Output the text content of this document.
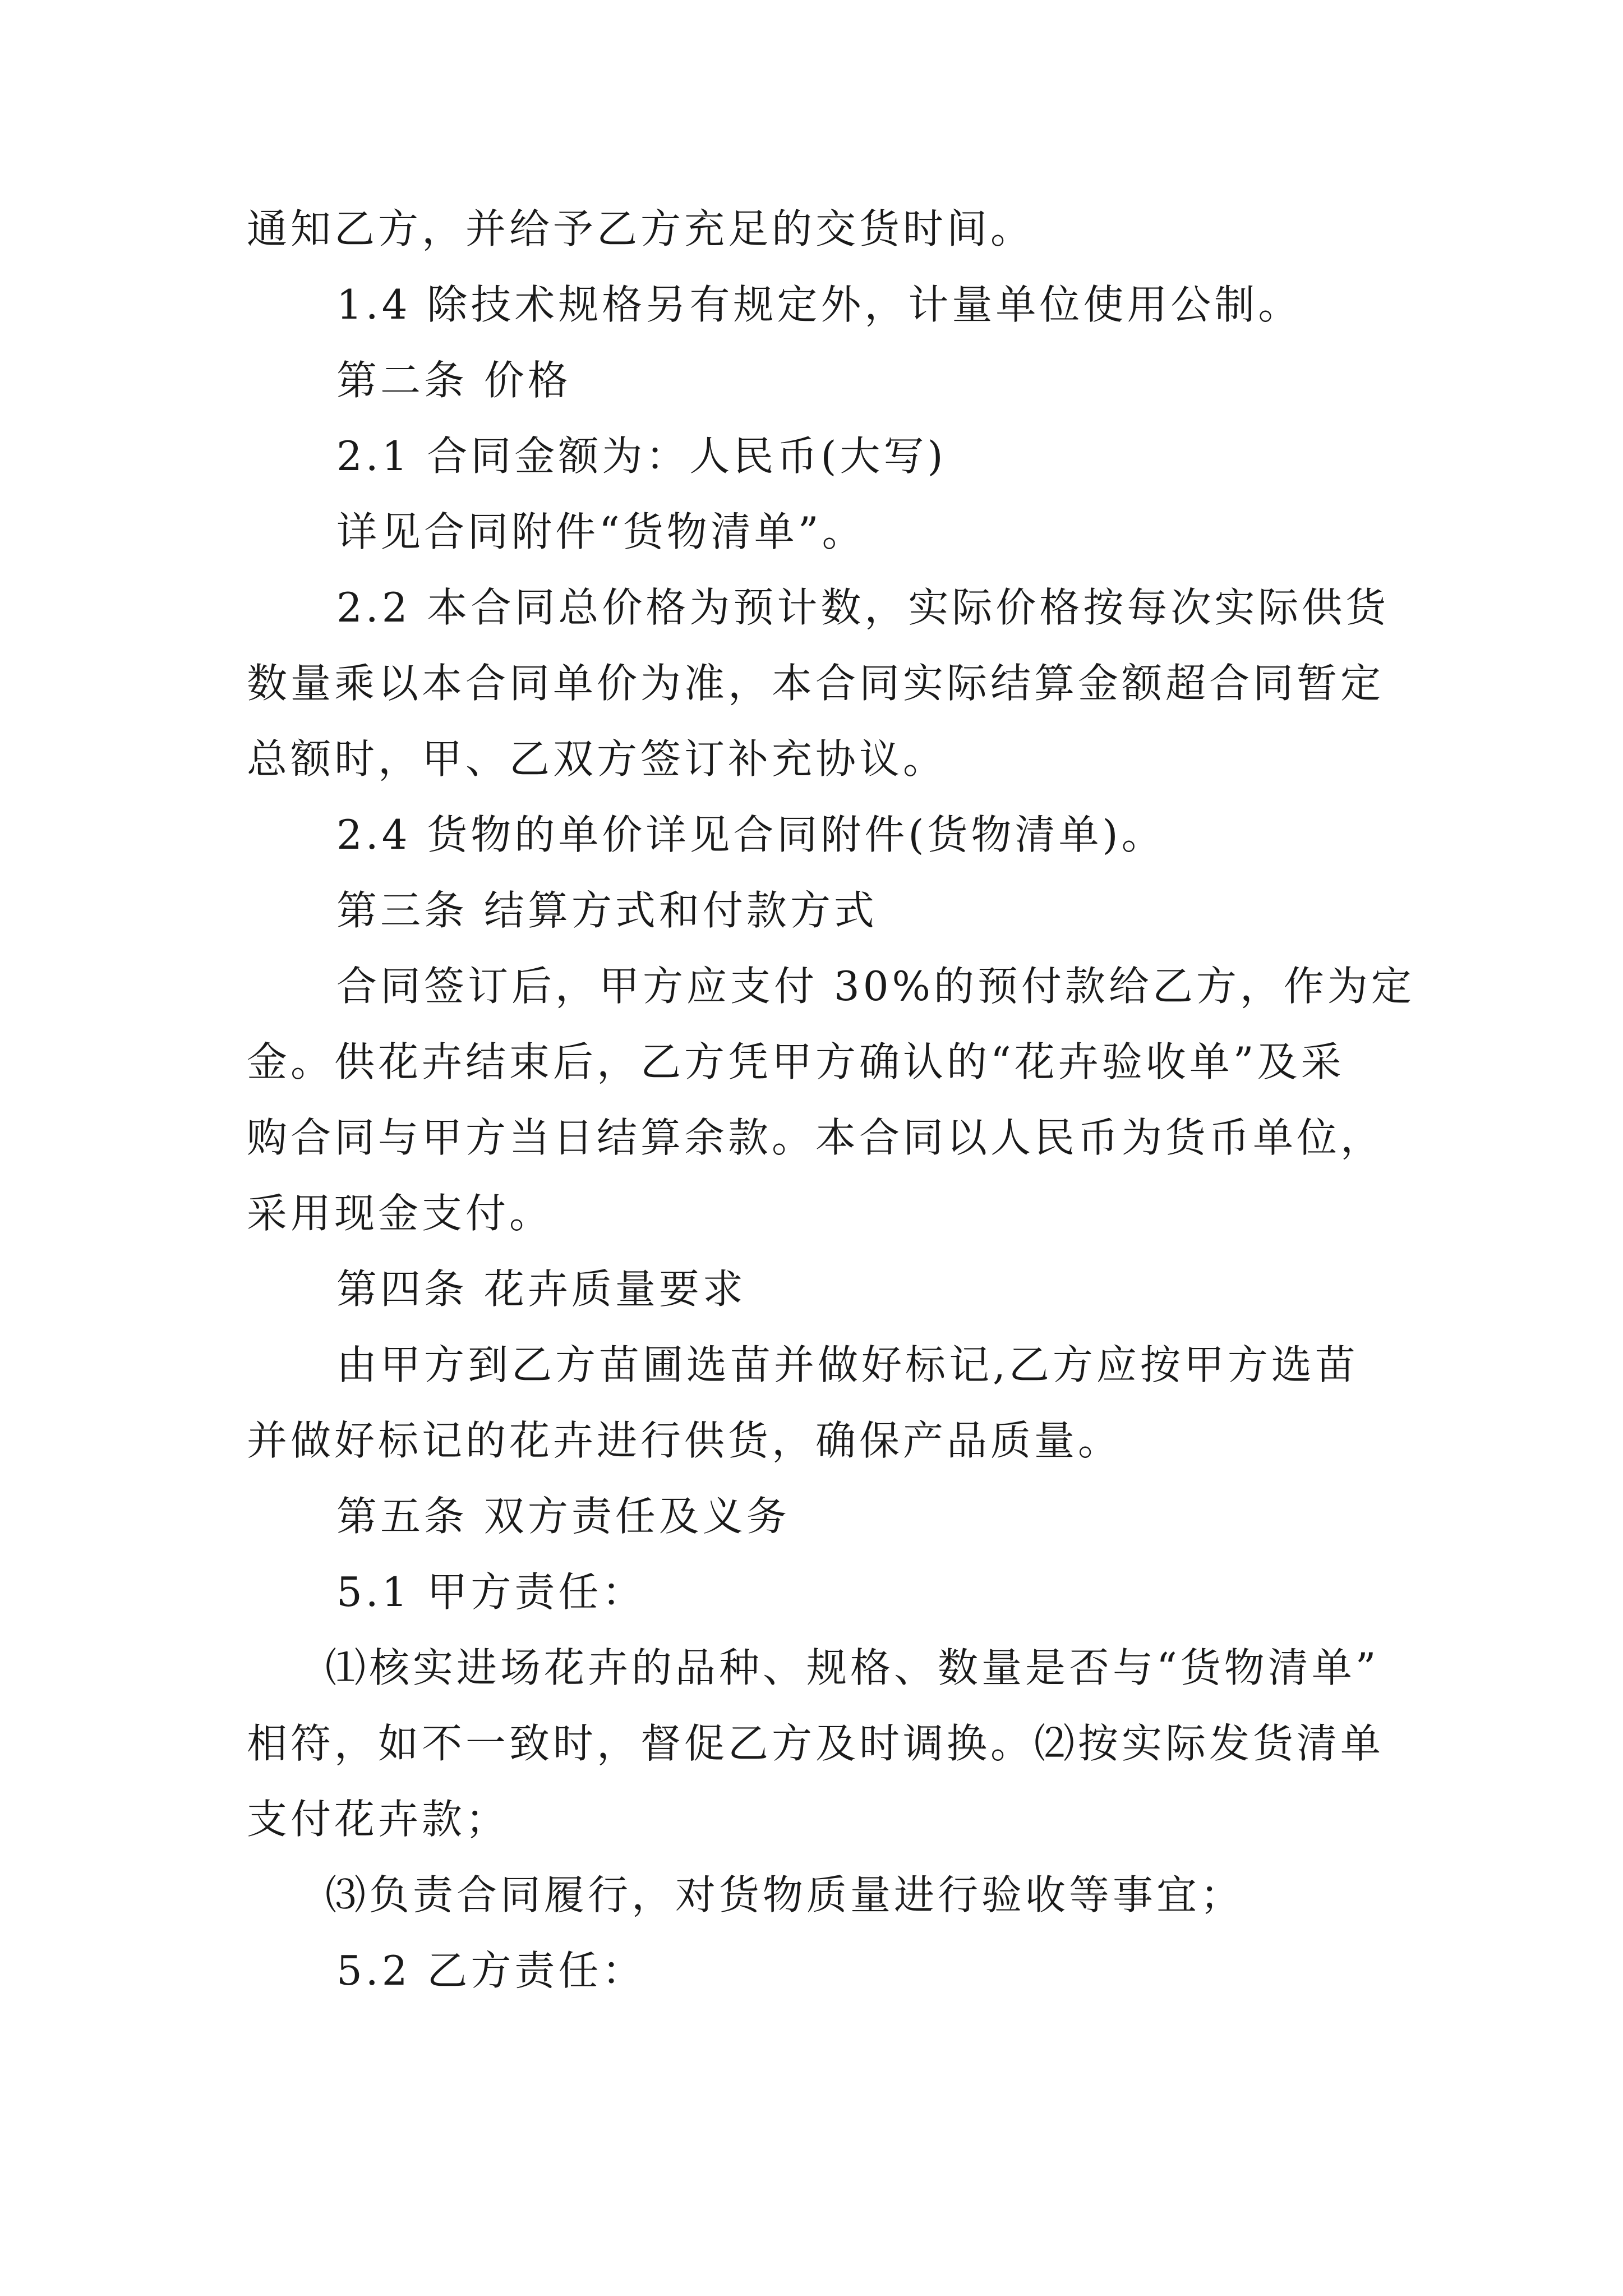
通知乙方，并给予乙方充足的交货时间。

1.4 除技术规格另有规定外，计量单位使用公制。

第二条 价格

2.1 合同金额为：人民币(大写)

详见合同附件“货物清单”。

2.2 本合同总价格为预计数，实际价格按每次实际供货

数量乘以本合同单价为准，本合同实际结算金额超合同暂定

总额时，甲、乙双方签订补充协议。

2.4 货物的单价详见合同附件(货物清单)。

第三条 结算方式和付款方式

合同签订后，甲方应支付 30%的预付款给乙方，作为定

金。供花卉结束后，乙方凭甲方确认的“花卉验收单”及采

购合同与甲方当日结算余款。本合同以人民币为货币单位，

采用现金支付。

第四条 花卉质量要求

由甲方到乙方苗圃选苗并做好标记,乙方应按甲方选苗

并做好标记的花卉进行供货，确保产品质量。

第五条 双方责任及义务

5.1 甲方责任：

⑴核实进场花卉的品种、规格、数量是否与“货物清单”

相符，如不一致时，督促乙方及时调换。⑵按实际发货清单

支付花卉款；

⑶负责合同履行，对货物质量进行验收等事宜；

5.2 乙方责任：
